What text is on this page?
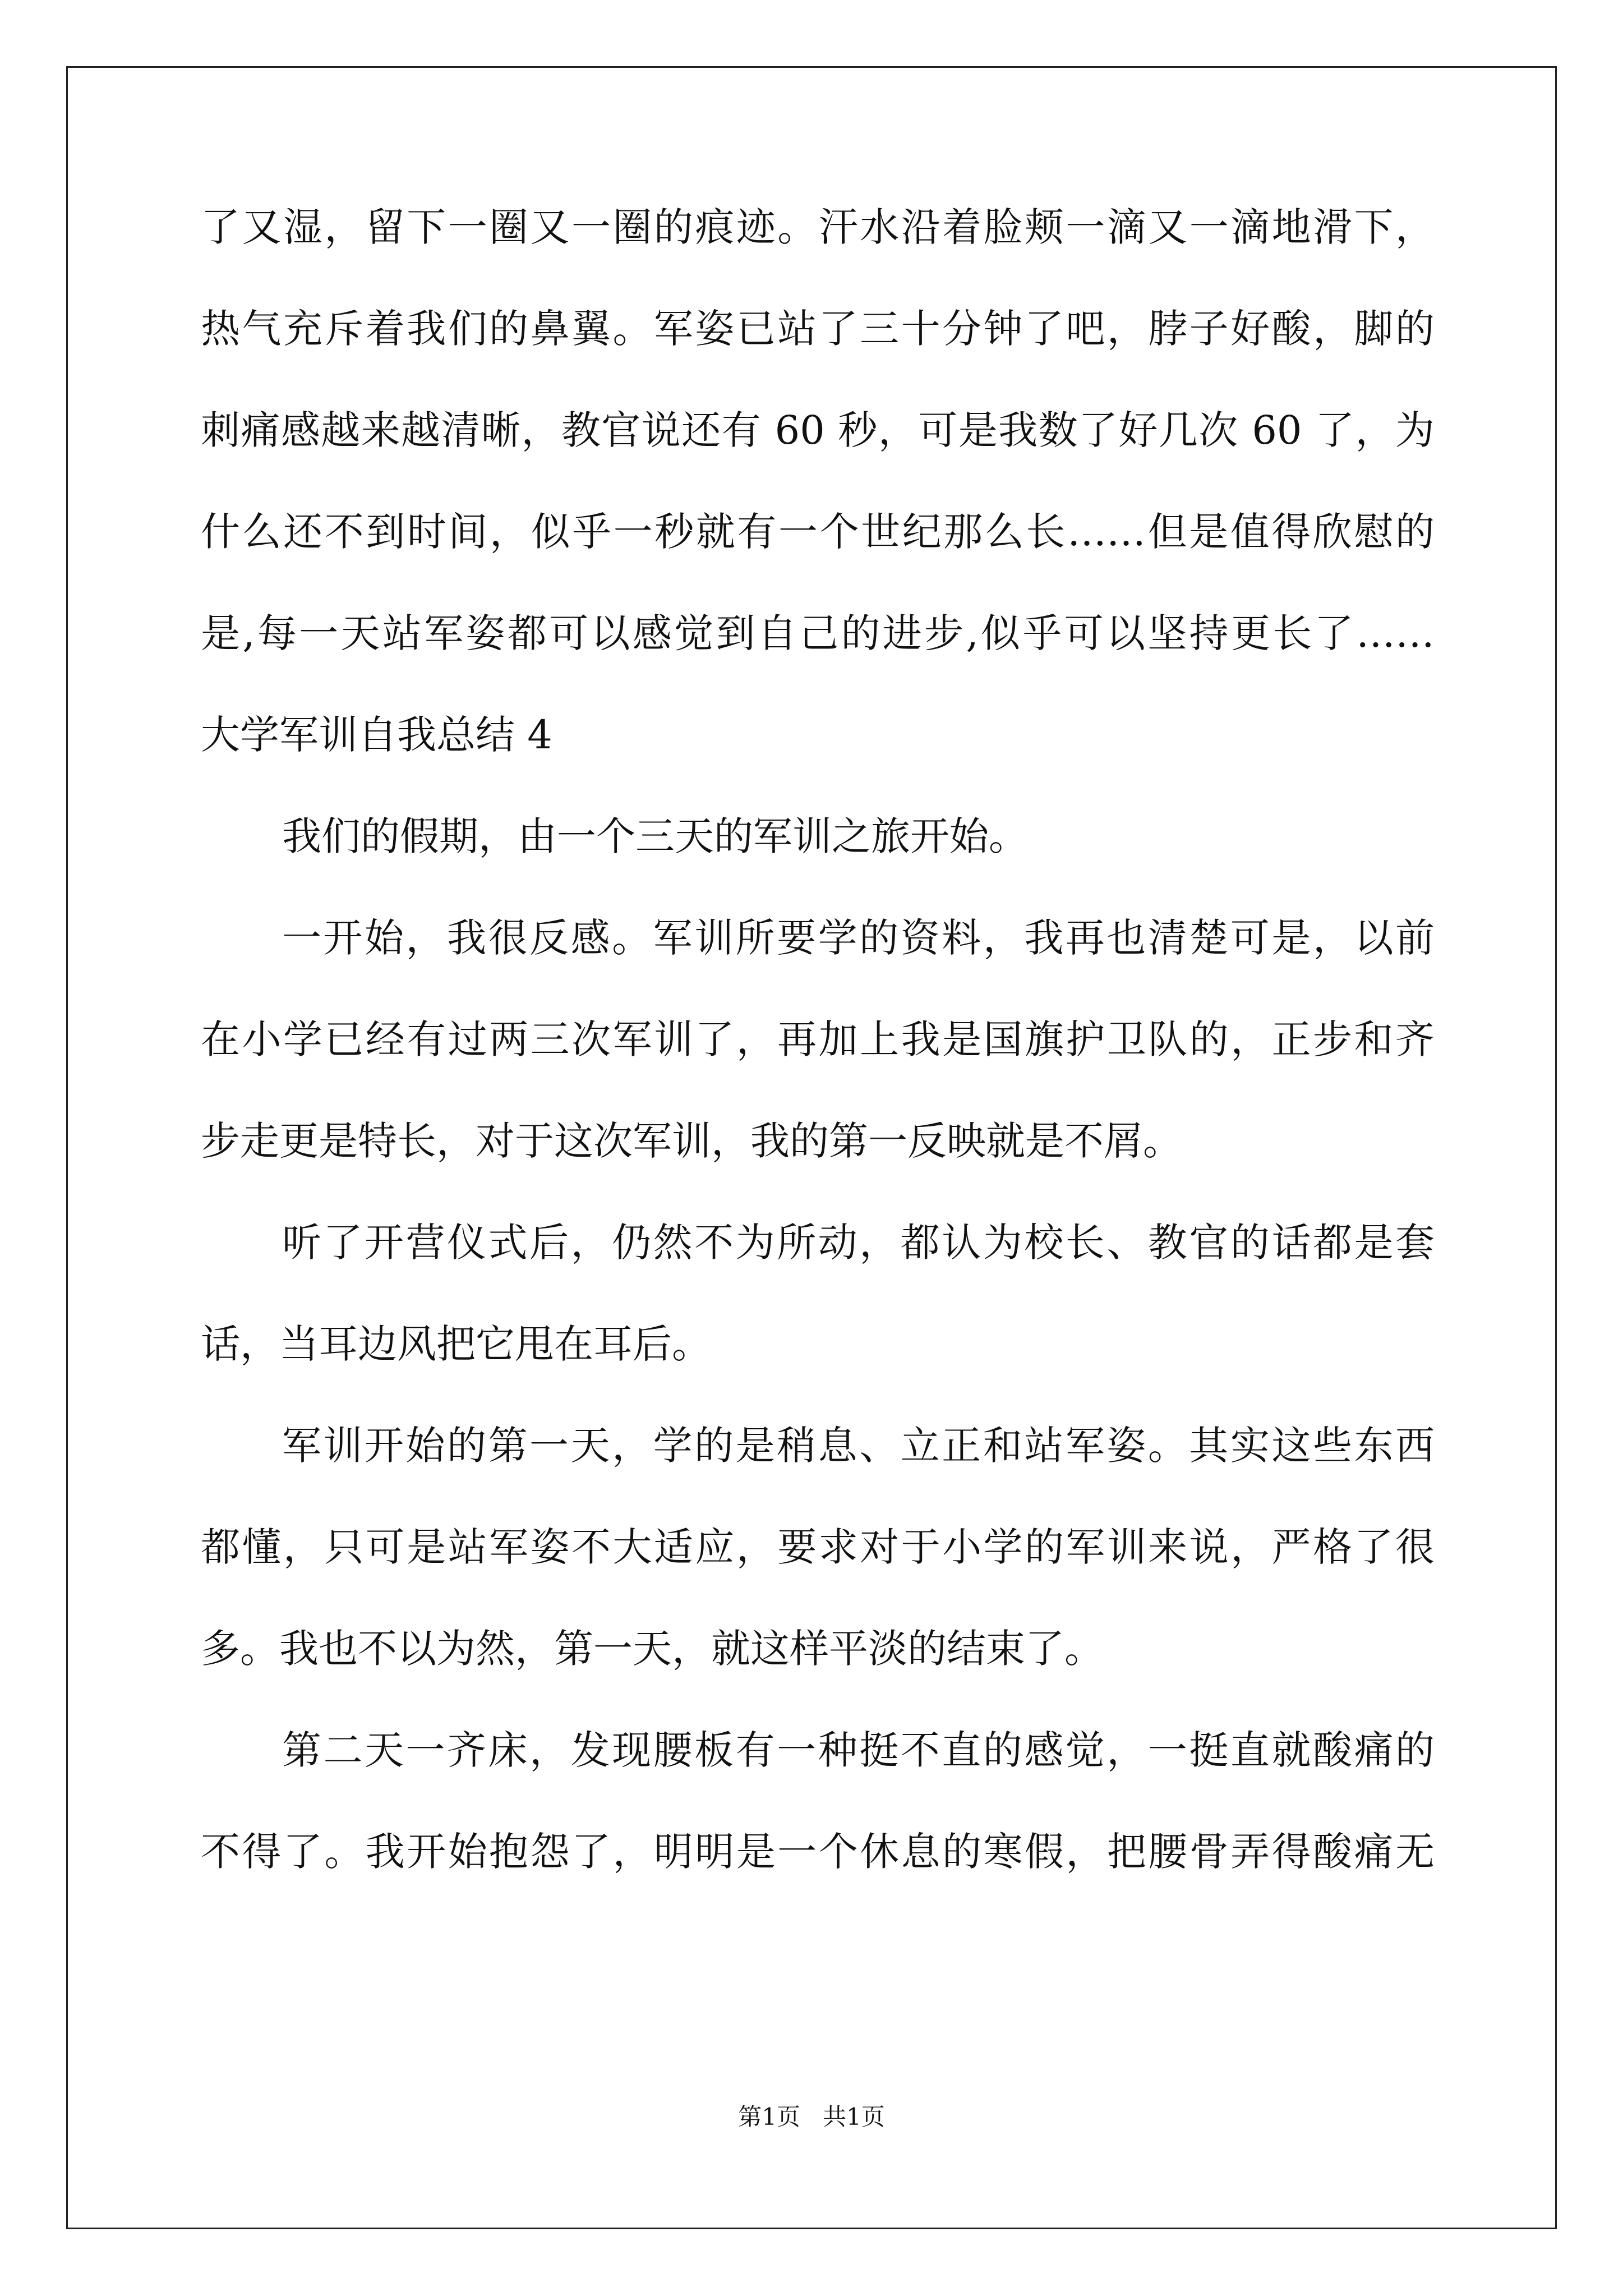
了又湿，留下一圈又一圈的痕迹。汗水沿着脸颊一滴又一滴地滑下，
热气充斥着我们的鼻翼。军姿已站了三十分钟了吧，脖子好酸，脚的
刺痛感越来越清晰，教官说还有 60 秒，可是我数了好几次 60 了，为
什么还不到时间，似乎一秒就有一个世纪那么长……但是值得欣慰的
是,每一天站军姿都可以感觉到自己的进步,似乎可以坚持更长了……
大学军训自我总结 4
我们的假期，由一个三天的军训之旅开始。
一开始，我很反感。军训所要学的资料，我再也清楚可是，以前
在小学已经有过两三次军训了，再加上我是国旗护卫队的，正步和齐
步走更是特长，对于这次军训，我的第一反映就是不屑。
听了开营仪式后，仍然不为所动，都认为校长、教官的话都是套
话，当耳边风把它甩在耳后。
军训开始的第一天，学的是稍息、立正和站军姿。其实这些东西
都懂，只可是站军姿不大适应，要求对于小学的军训来说，严格了很
多。我也不以为然，第一天，就这样平淡的结束了。
第二天一齐床，发现腰板有一种挺不直的感觉，一挺直就酸痛的
不得了。我开始抱怨了，明明是一个休息的寒假，把腰骨弄得酸痛无
第1页 共1页
